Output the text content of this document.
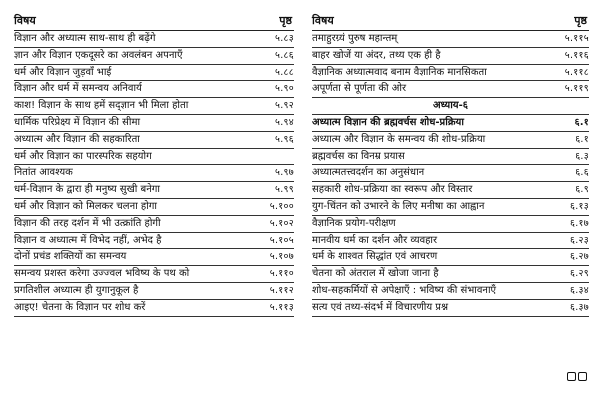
विषय	पृष्ठ
विज्ञान और अध्यात्म साथ-साथ ही बढ़ेंगे	५.८३
ज्ञान और विज्ञान एकदूसरे का अवलंबन अपनाएँ	५.८६
धर्म और विज्ञान जुड़वाँ भाई	५.८८
विज्ञान और धर्म में समन्वय अनिवार्य	५.९०
काश! विज्ञान के साथ हमें सद्ज्ञान भी मिला होता	५.९२
धार्मिक परिप्रेक्ष्य में विज्ञान की सीमा	५.९४
अध्यात्म और विज्ञान की सहकारिता	५.९६
धर्म और विज्ञान का पारस्परिक सहयोग
नितांत आवश्यक	५.९७
धर्म-विज्ञान के द्वारा ही मनुष्य सुखी बनेगा	५.९९
धर्म और विज्ञान को मिलकर चलना होगा	५.१००
विज्ञान की तरह दर्शन में भी उत्क्रांति होगी	५.१०२
विज्ञान व अध्यात्म में विभेद नहीं, अभेद है	५.१०५
दोनों प्रचंड शक्तियों का समन्वय	५.१०७
समन्वय प्रशस्त करेगा उज्ज्वल भविष्य के पथ को	५.११०
प्रगतिशील अध्यात्म ही युगानुकूल है	५.११२
आइए! चेतना के विज्ञान पर शोध करें	५.११३
विषय	पृष्ठ
तमाहुरग्र्यं पुरुष महान्तम्	५.११५
बाहर खोजें या अंदर, तथ्य एक ही है	५.११६
वैज्ञानिक अध्यात्मवाद बनाम वैज्ञानिक मानसिकता	५.११८
अपूर्णता से पूर्णता की ओर	५.११९
अध्याय-६
अध्यात्म विज्ञान की ब्रह्मवर्चस शोध-प्रक्रिया	६.१
अध्यात्म और विज्ञान के समन्वय की शोध-प्रक्रिया	६.१
ब्रह्मवर्चस का विनम्र प्रयास	६.३
अध्यात्मतत्त्वदर्शन का अनुसंधान	६.६
सहकारी शोध-प्रक्रिया का स्वरूप और विस्तार	६.९
युग-चिंतन को उभारने के लिए मनीषा का आह्वान	६.१३
वैज्ञानिक प्रयोग-परीक्षण	६.१७
मानवीय धर्म का दर्शन और व्यवहार	६.२३
धर्म के शाश्वत सिद्धांत एवं आचरण	६.२७
चेतना को अंतराल में खोजा जाना है	६.२९
शोध-सहकर्मियों से अपेक्षाएँ : भविष्य की संभावनाएँ	६.३४
सत्य एवं तथ्य-संदर्भ में विचारणीय प्रश्न	६.३७
